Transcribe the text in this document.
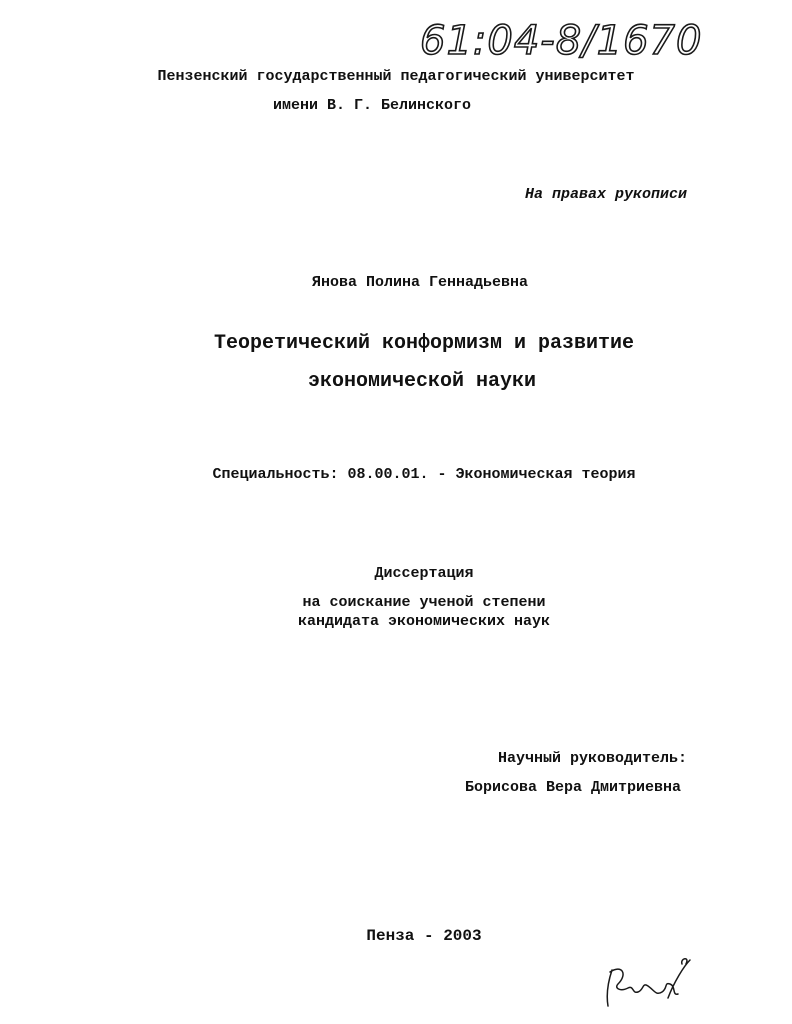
61:04-8/1670
Пензенский государственный педагогический университет
имени В. Г. Белинского
На правах рукописи
Янова Полина Геннадьевна
Теоретический конформизм и развитие
экономической науки
Специальность: 08.00.01. - Экономическая теория
Диссертация
на соискание ученой степени
кандидата экономических наук
Научный руководитель:
Борисова Вера Дмитриевна
Пенза - 2003
